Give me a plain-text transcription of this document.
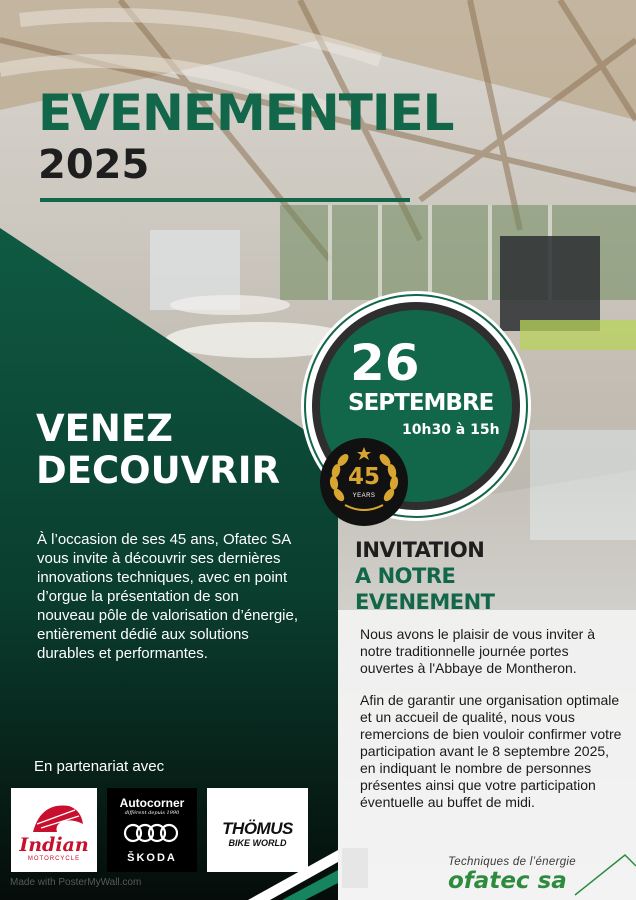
EVENEMENTIEL
2025
VENEZ
DECOUVRIR
À l’occasion de ses 45 ans, Ofatec SA vous invite à découvrir ses dernières innovations techniques, avec en point d’orgue la présentation de son nouveau pôle de valorisation d’énergie, entièrement dédié aux solutions durables et performantes.
En partenariat avec
Indian
MOTORCYCLE
Autocorner
différent depuis 1990
ŠKODA
THÖMUS
BIKE WORLD
Made with PosterMyWall.com
26
SEPTEMBRE
10h30 à 15h
45
YEARS
INVITATION
A NOTRE
EVENEMENT
Nous avons le plaisir de vous inviter à notre traditionnelle journée portes ouvertes à l'Abbaye de Montheron.
Afin de garantir une organisation optimale et un accueil de qualité, nous vous remercions de bien vouloir confirmer votre participation avant le 8 septembre 2025, en indiquant le nombre de personnes présentes ainsi que votre participation éventuelle au buffet de midi.
Techniques de l’énergie
ofatec sa
